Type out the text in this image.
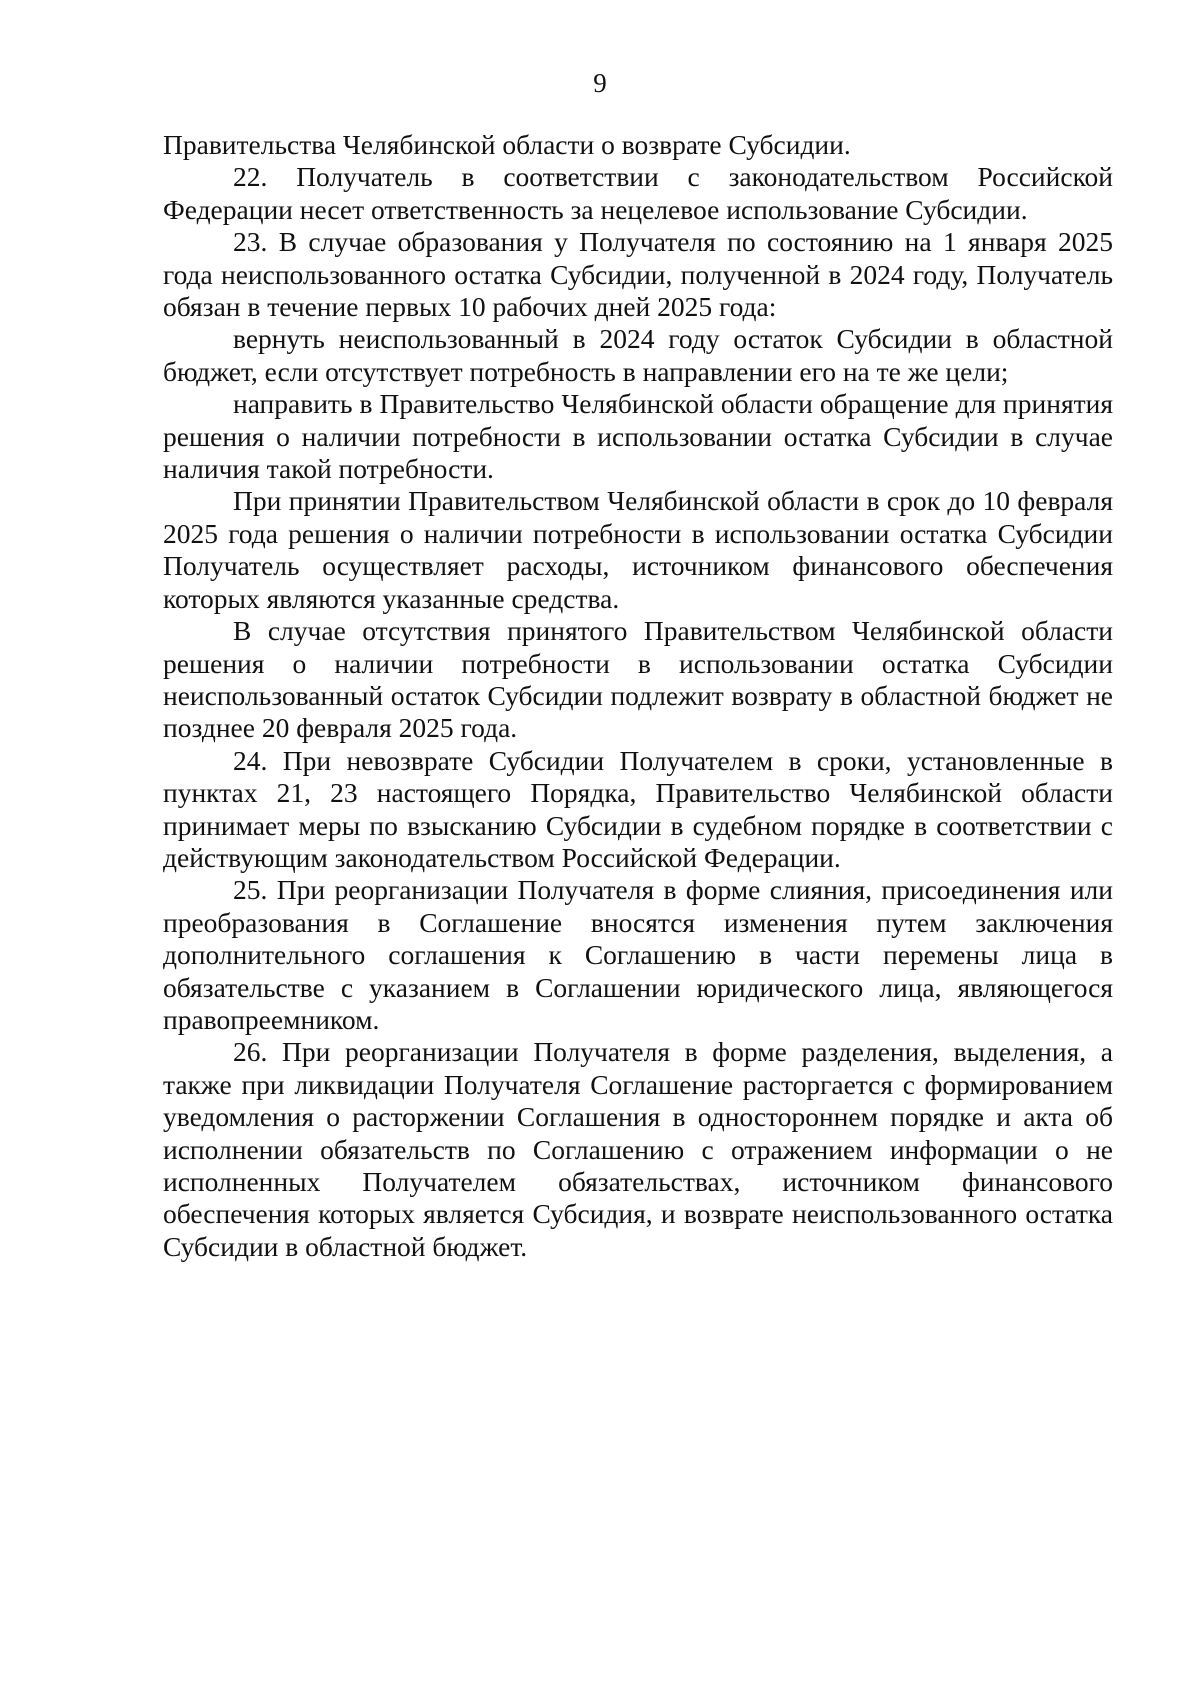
9

Правительства Челябинской области о возврате Субсидии.

22. Получатель в соответствии с законодательством Российской Федерации несет ответственность за нецелевое использование Субсидии.

23. В случае образования у Получателя по состоянию на 1 января 2025 года неиспользованного остатка Субсидии, полученной в 2024 году, Получатель обязан в течение первых 10 рабочих дней 2025 года:

вернуть неиспользованный в 2024 году остаток Субсидии в областной бюджет, если отсутствует потребность в направлении его на те же цели;

направить в Правительство Челябинской области обращение для принятия решения о наличии потребности в использовании остатка Субсидии в случае наличия такой потребности.

При принятии Правительством Челябинской области в срок до 10 февраля 2025 года решения о наличии потребности в использовании остатка Субсидии Получатель осуществляет расходы, источником финансового обеспечения которых являются указанные средства.

В случае отсутствия принятого Правительством Челябинской области решения о наличии потребности в использовании остатка Субсидии неиспользованный остаток Субсидии подлежит возврату в областной бюджет не позднее 20 февраля 2025 года.

24. При невозврате Субсидии Получателем в сроки, установленные в пунктах 21, 23 настоящего Порядка, Правительство Челябинской области принимает меры по взысканию Субсидии в судебном порядке в соответствии с действующим законодательством Российской Федерации.

25. При реорганизации Получателя в форме слияния, присоединения или преобразования в Соглашение вносятся изменения путем заключения дополнительного соглашения к Соглашению в части перемены лица в обязательстве с указанием в Соглашении юридического лица, являющегося правопреемником.

26. При реорганизации Получателя в форме разделения, выделения, а также при ликвидации Получателя Соглашение расторгается с формированием уведомления о расторжении Соглашения в одностороннем порядке и акта об исполнении обязательств по Соглашению с отражением информации о не исполненных Получателем обязательствах, источником финансового обеспечения которых является Субсидия, и возврате неиспользованного остатка Субсидии в областной бюджет.
